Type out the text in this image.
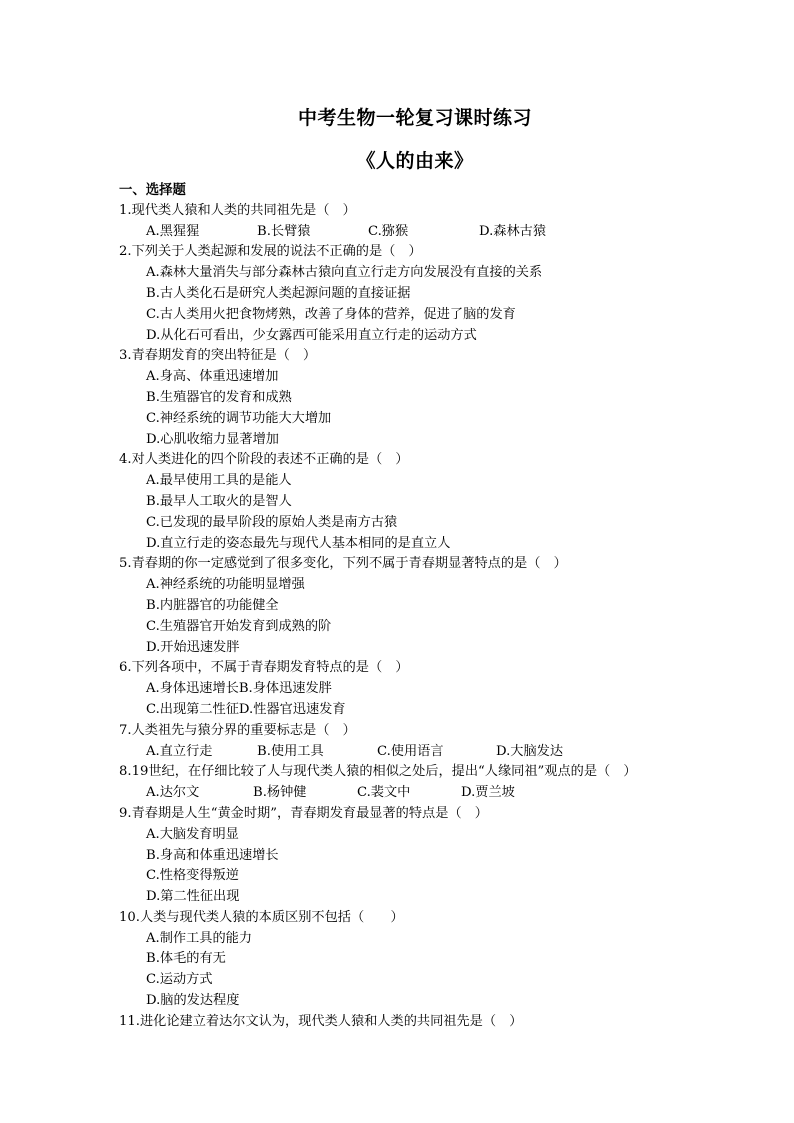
中考生物一轮复习课时练习
《人的由来》
一、选择题
1.现代类人猿和人类的共同祖先是（　）
A.黑猩猩	B.长臂猿	C.猕猴	D.森林古猿
2.下列关于人类起源和发展的说法不正确的是（　）
A.森林大量消失与部分森林古猿向直立行走方向发展没有直接的关系
B.古人类化石是研究人类起源问题的直接证据
C.古人类用火把食物烤熟，改善了身体的营养，促进了脑的发育
D.从化石可看出，少女露西可能采用直立行走的运动方式
3.青春期发育的突出特征是（　）
A.身高、体重迅速增加
B.生殖器官的发育和成熟
C.神经系统的调节功能大大增加
D.心肌收缩力显著增加
4.对人类进化的四个阶段的表述不正确的是（　）
A.最早使用工具的是能人
B.最早人工取火的是智人
C.已发现的最早阶段的原始人类是南方古猿
D.直立行走的姿态最先与现代人基本相同的是直立人
5.青春期的你一定感觉到了很多变化，下列不属于青春期显著特点的是（　）
A.神经系统的功能明显增强
B.内脏器官的功能健全
C.生殖器官开始发育到成熟的阶
D.开始迅速发胖
6.下列各项中，不属于青春期发育特点的是（　）
A.身体迅速增长B.身体迅速发胖
C.出现第二性征D.性器官迅速发育
7.人类祖先与猿分界的重要标志是（　）
A.直立行走	B.使用工具	C.使用语言	D.大脑发达
8.19世纪，在仔细比较了人与现代类人猿的相似之处后，提出“人缘同祖”观点的是（　）
A.达尔文	B.杨钟健	C.裴文中	D.贾兰坡
9.青春期是人生“黄金时期”，青春期发育最显著的特点是（　）
A.大脑发育明显
B.身高和体重迅速增长
C.性格变得叛逆
D.第二性征出现
10.人类与现代类人猿的本质区别不包括（　　）
A.制作工具的能力
B.体毛的有无
C.运动方式
D.脑的发达程度
11.进化论建立着达尔文认为，现代类人猿和人类的共同祖先是（　）
